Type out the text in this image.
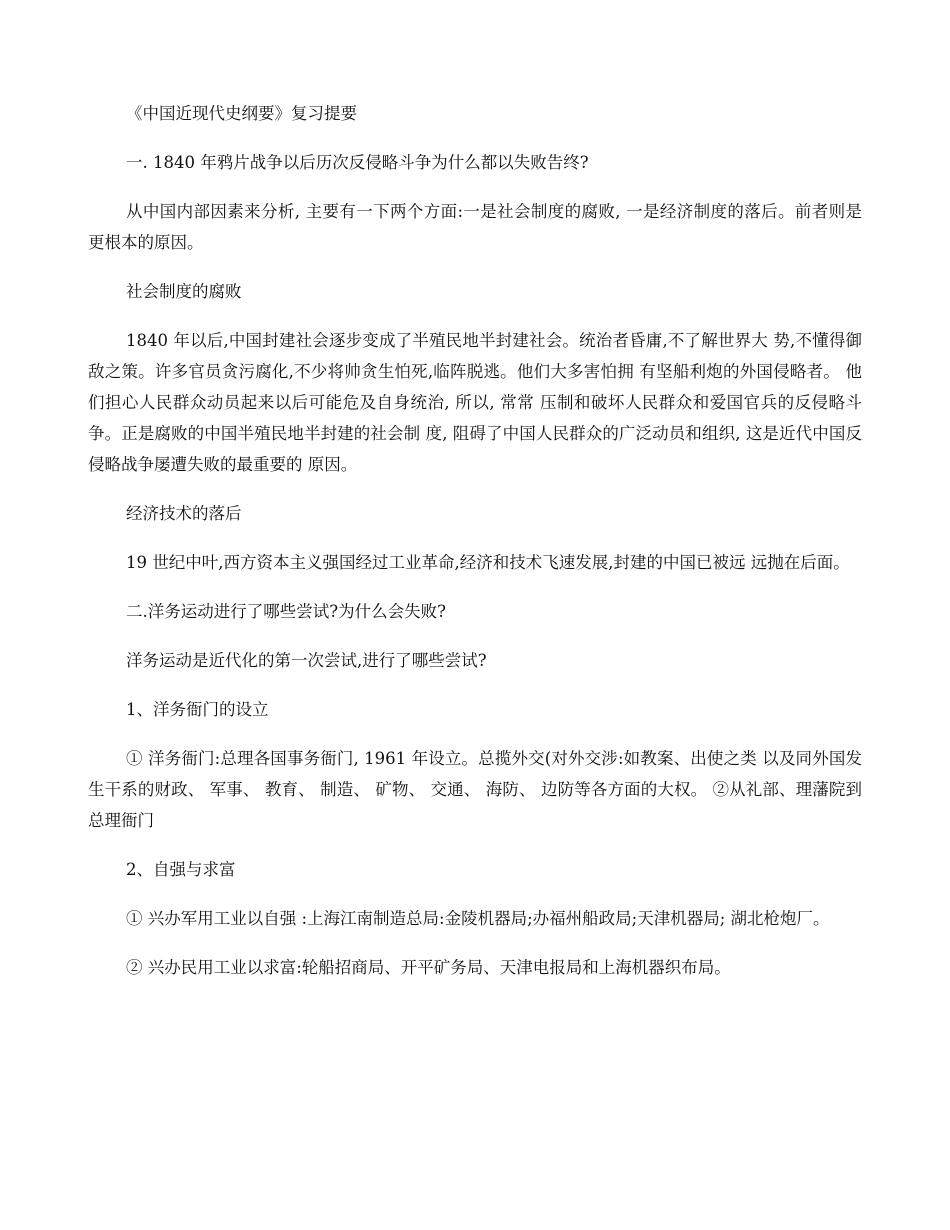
《中国近现代史纲要》复习提要

一. 1840 年鸦片战争以后历次反侵略斗争为什么都以失败告终?

从中国内部因素来分析, 主要有一下两个方面:一是社会制度的腐败, 一是经济制度的落后。前者则是更根本的原因。

社会制度的腐败

1840 年以后,中国封建社会逐步变成了半殖民地半封建社会。统治者昏庸,不了解世界大 势,不懂得御敌之策。许多官员贪污腐化,不少将帅贪生怕死,临阵脱逃。他们大多害怕拥 有坚船利炮的外国侵略者。 他们担心人民群众动员起来以后可能危及自身统治, 所以, 常常 压制和破坏人民群众和爱国官兵的反侵略斗争。正是腐败的中国半殖民地半封建的社会制 度, 阻碍了中国人民群众的广泛动员和组织, 这是近代中国反侵略战争屡遭失败的最重要的 原因。

经济技术的落后

19 世纪中叶,西方资本主义强国经过工业革命,经济和技术飞速发展,封建的中国已被远 远抛在后面。

二.洋务运动进行了哪些尝试?为什么会失败?

洋务运动是近代化的第一次尝试,进行了哪些尝试?

1、洋务衙门的设立

① 洋务衙门:总理各国事务衙门, 1961 年设立。总揽外交(对外交涉:如教案、出使之类 以及同外国发生干系的财政、 军事、 教育、 制造、 矿物、 交通、 海防、 边防等各方面的大权。 ②从礼部、理藩院到总理衙门

2、自强与求富

① 兴办军用工业以自强 :上海江南制造总局:金陵机器局;办福州船政局;天津机器局; 湖北枪炮厂。

② 兴办民用工业以求富:轮船招商局、开平矿务局、天津电报局和上海机器织布局。
